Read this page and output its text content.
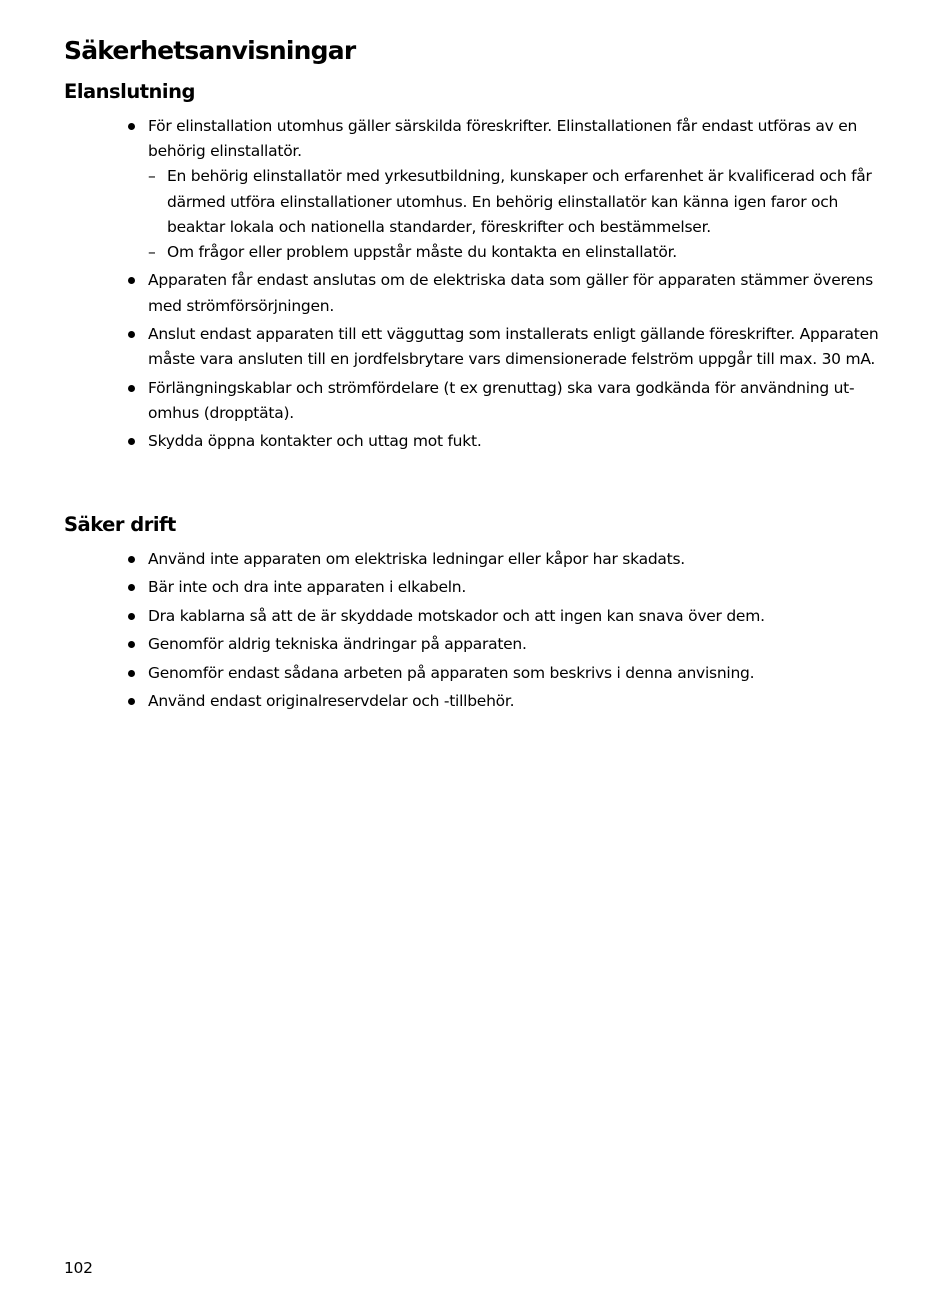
Säkerhetsanvisningar
Elanslutning
För elinstallation utomhus gäller särskilda föreskrifter. Elinstallationen får endast utföras av en behörig elinstallatör.
– En behörig elinstallatör med yrkesutbildning, kunskaper och erfarenhet är kvalificerad och får därmed utföra elinstallationer utomhus. En behörig elinstallatör kan känna igen faror och beaktar lokala och nationella standarder, föreskrifter och bestämmelser.
– Om frågor eller problem uppstår måste du kontakta en elinstallatör.
Apparaten får endast anslutas om de elektriska data som gäller för apparaten stämmer överens med strömförsörjningen.
Anslut endast apparaten till ett vägguttag som installerats enligt gällande föreskrifter. Apparaten måste vara ansluten till en jordfelsbrytare vars dimensionerade felström uppgår till max. 30 mA.
Förlängningskablar och strömfördelare (t ex grenuttag) ska vara godkända för användning utomhus (dropptäta).
Skydda öppna kontakter och uttag mot fukt.
Säker drift
Använd inte apparaten om elektriska ledningar eller kåpor har skadats.
Bär inte och dra inte apparaten i elkabeln.
Dra kablarna så att de är skyddade motskador och att ingen kan snava över dem.
Genomför aldrig tekniska ändringar på apparaten.
Genomför endast sådana arbeten på apparaten som beskrivs i denna anvisning.
Använd endast originalreservdelar och -tillbehör.
102
